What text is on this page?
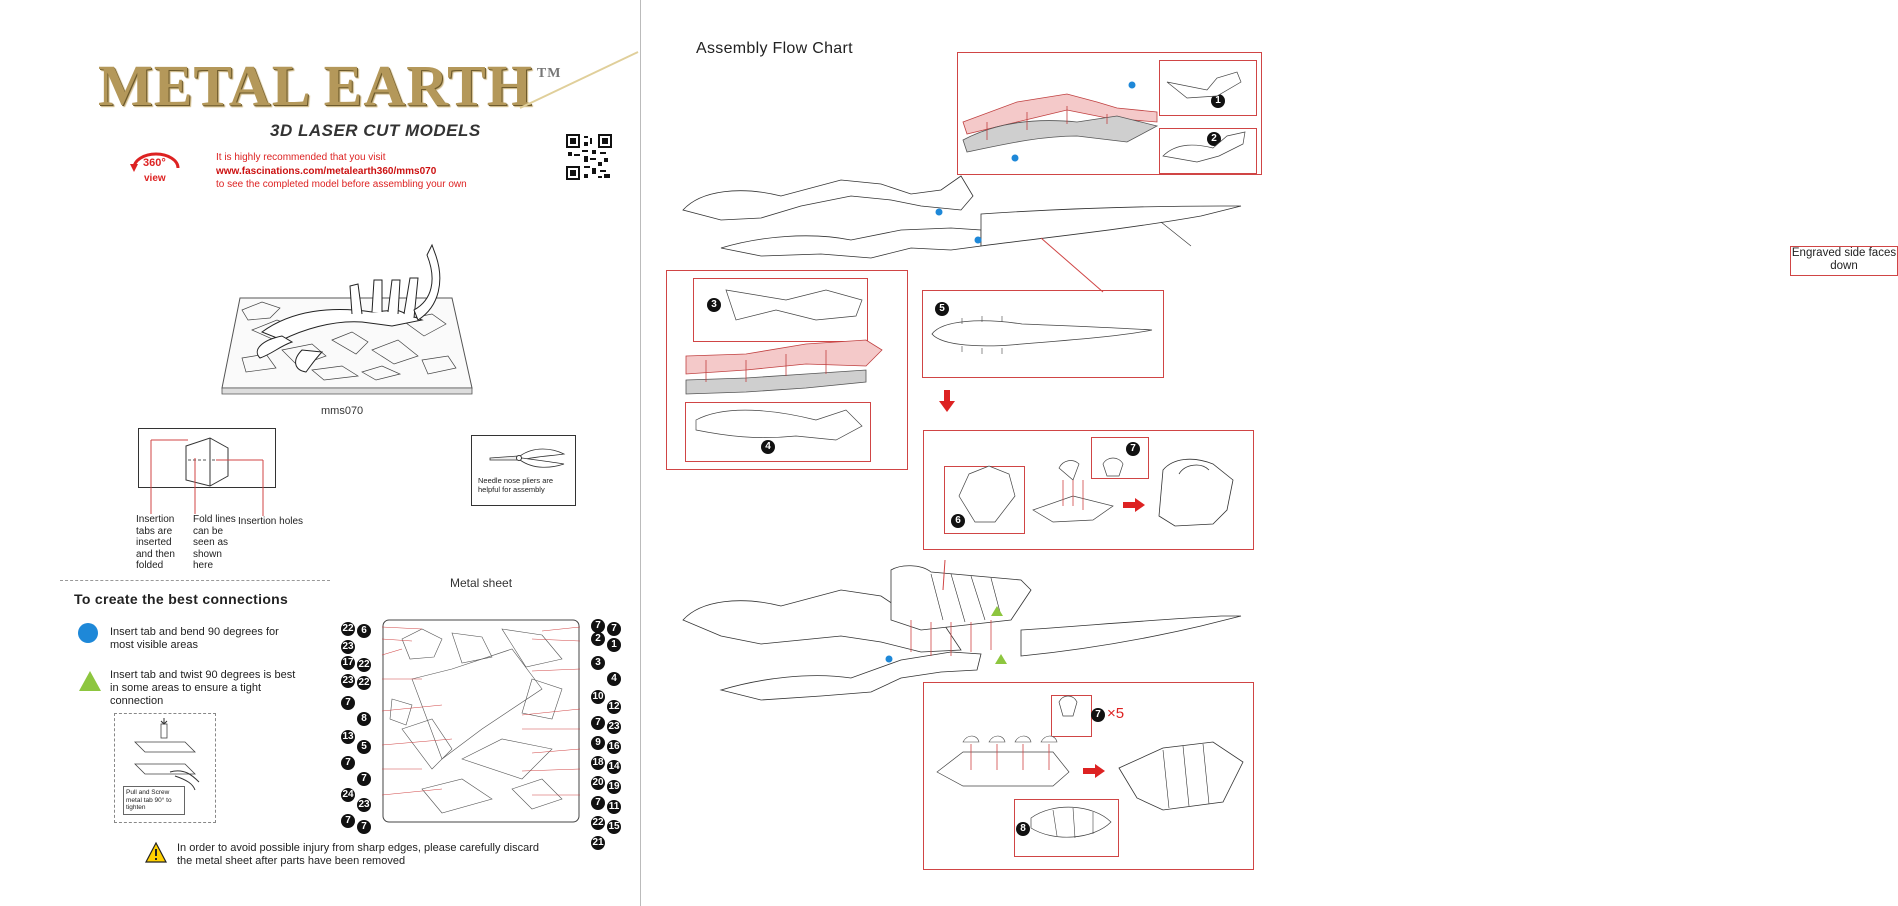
METAL EARTH ™
3D LASER CUT MODELS
360°
view
It is highly recommended that you visit
www.fascinations.com/metalearth360/mms070
to see the completed model before assembling your own
mms070
Insertion tabs are inserted and then folded
Fold lines can be seen as shown here
Insertion holes
Needle nose pliers are helpful for assembly
To create the best connections
Insert tab and bend 90 degrees for most visible areas
Insert tab and twist 90 degrees is best in some areas to ensure a tight connection
Pull and Screw metal tab 90° to tighten
Metal sheet
22 6
23
17 22
23 22
7
8
13
5
7
7
24
23
7
7
7
2
7
1
3
4
10
12
7 23
9 16
18 14
20 19
7 11
22 15
21
In order to avoid possible injury from sharp edges, please carefully discard the metal sheet after parts have been removed
Assembly Flow Chart
1
2
Engraved side faces down
3
4
5
6
7
7 ×5
8
